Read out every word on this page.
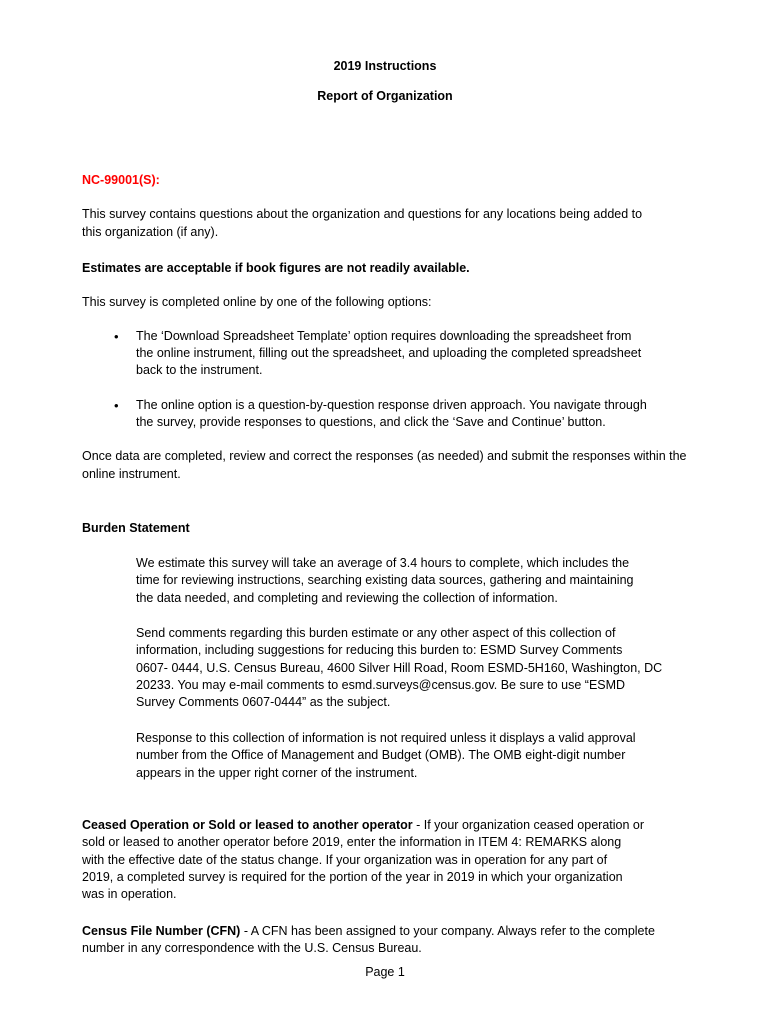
2019 Instructions

Report of Organization

NC-99001(S):

This survey contains questions about the organization and questions for any locations being added to

this organization (if any).

Estimates are acceptable if book figures are not readily available.

This survey is completed online by one of the following options:

• The ‘Download Spreadsheet Template’ option requires downloading the spreadsheet from

the online instrument, filling out the spreadsheet, and uploading the completed spreadsheet

back to the instrument.

• The online option is a question-by-question response driven approach. You navigate through

the survey, provide responses to questions, and click the ‘Save and Continue’ button.

Once data are completed, review and correct the responses (as needed) and submit the responses within the

online instrument.

Burden Statement

We estimate this survey will take an average of 3.4 hours to complete, which includes the

time for reviewing instructions, searching existing data sources, gathering and maintaining

the data needed, and completing and reviewing the collection of information.

Send comments regarding this burden estimate or any other aspect of this collection of

information, including suggestions for reducing this burden to: ESMD Survey Comments

0607- 0444, U.S. Census Bureau, 4600 Silver Hill Road, Room ESMD-5H160, Washington, DC

20233. You may e-mail comments to esmd.surveys@census.gov. Be sure to use “ESMD

Survey Comments 0607-0444” as the subject.

Response to this collection of information is not required unless it displays a valid approval

number from the Office of Management and Budget (OMB). The OMB eight-digit number

appears in the upper right corner of the instrument.

Ceased Operation or Sold or leased to another operator - If your organization ceased operation or

sold or leased to another operator before 2019, enter the information in ITEM 4: REMARKS along

with the effective date of the status change. If your organization was in operation for any part of

2019, a completed survey is required for the portion of the year in 2019 in which your organization

was in operation.

Census File Number (CFN) - A CFN has been assigned to your company. Always refer to the complete

number in any correspondence with the U.S. Census Bureau.

Page 1
